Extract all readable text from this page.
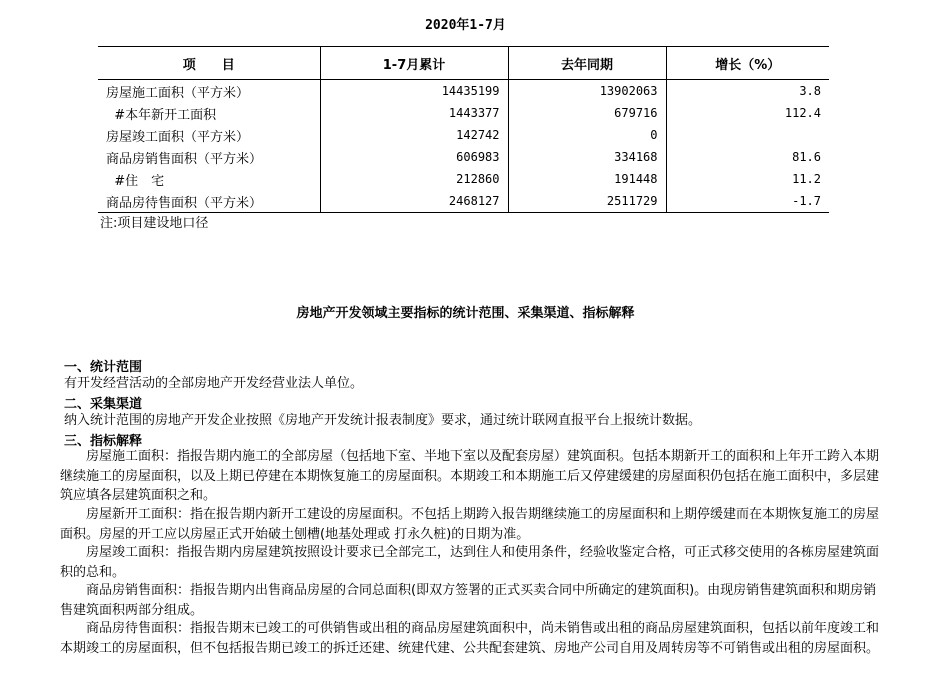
2020年1-7月
项　　目	1-7月累计	去年同期	增长（%）
房屋施工面积（平方米）	14435199	13902063	3.8
#本年新开工面积	1443377	679716	112.4
房屋竣工面积（平方米）	142742	0	
商品房销售面积（平方米）	606983	334168	81.6
#住　宅	212860	191448	11.2
商品房待售面积（平方米）	2468127	2511729	-1.7
注:项目建设地口径
房地产开发领域主要指标的统计范围、采集渠道、指标解释
一、统计范围
有开发经营活动的全部房地产开发经营业法人单位。
二、采集渠道
纳入统计范围的房地产开发企业按照《房地产开发统计报表制度》要求，通过统计联网直报平台上报统计数据。
三、指标解释
房屋施工面积：指报告期内施工的全部房屋（包括地下室、半地下室以及配套房屋）建筑面积。包括本期新开工的面积和上年开工跨入本期继续施工的房屋面积，以及上期已停建在本期恢复施工的房屋面积。本期竣工和本期施工后又停建缓建的房屋面积仍包括在施工面积中，多层建筑应填各层建筑面积之和。
房屋新开工面积：指在报告期内新开工建设的房屋面积。不包括上期跨入报告期继续施工的房屋面积和上期停缓建而在本期恢复施工的房屋面积。房屋的开工应以房屋正式开始破土刨槽(地基处理或 打永久桩)的日期为准。
房屋竣工面积：指报告期内房屋建筑按照设计要求已全部完工，达到住人和使用条件，经验收鉴定合格，可正式移交使用的各栋房屋建筑面积的总和。
商品房销售面积：指报告期内出售商品房屋的合同总面积(即双方签署的正式买卖合同中所确定的建筑面积)。由现房销售建筑面积和期房销售建筑面积两部分组成。
商品房待售面积：指报告期末已竣工的可供销售或出租的商品房屋建筑面积中，尚未销售或出租的商品房屋建筑面积，包括以前年度竣工和本期竣工的房屋面积，但不包括报告期已竣工的拆迁还建、统建代建、公共配套建筑、房地产公司自用及周转房等不可销售或出租的房屋面积。
